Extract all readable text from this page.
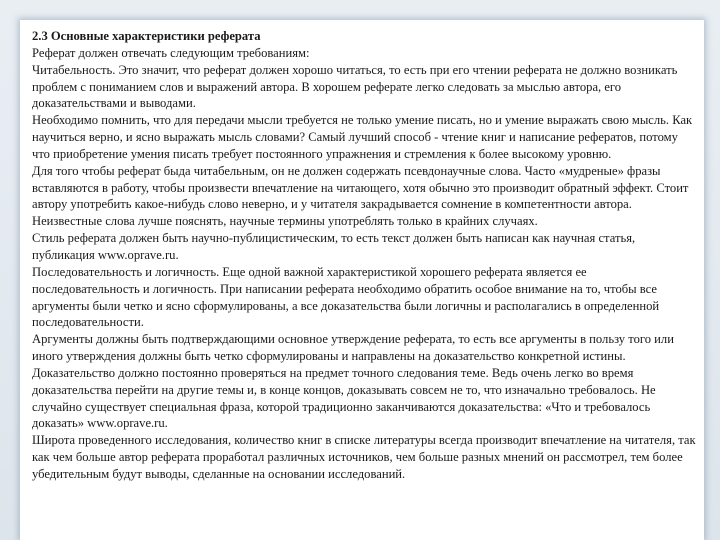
2.3 Основные характеристики реферата

Реферат должен отвечать следующим требованиям:

Читабельность. Это значит, что реферат должен хорошо читаться, то есть при его чтении реферата не должно возникать проблем с пониманием слов и выражений автора. В хорошем реферате легко следовать за мыслью автора, его доказательствами и выводами.

Необходимо помнить, что для передачи мысли требуется не только умение писать, но и умение выражать свою мысль. Как научиться верно, и ясно выражать мысль словами? Самый лучший способ - чтение книг и написание рефератов, потому что приобретение умения писать требует постоянного упражнения и стремления к более высокому уровню.

Для того чтобы реферат быда читабельным, он не должен содержать псевдонаучные слова. Часто «мудреные» фразы вставляются в работу, чтобы произвести впечатление на читающего, хотя обычно это производит обратный эффект. Стоит автору употребить какое-нибудь слово неверно, и у читателя закрадывается сомнение в компетентности автора. Неизвестные слова лучше пояснять, научные термины употреблять только в крайних случаях.

Стиль реферата должен быть научно-публицистическим, то есть текст должен быть написан как научная статья, публикация www.oprave.ru.

Последовательность и логичность. Еще одной важной характеристикой хорошего реферата является ее последовательность и логичность. При написании реферата необходимо обратить особое внимание на то, чтобы все аргументы были четко и ясно сформулированы, а все доказательства были логичны и располагались в определенной последовательности.

Аргументы должны быть подтверждающими основное утверждение реферата, то есть все аргументы в пользу того или иного утверждения должны быть четко сформулированы и направлены на доказательство конкретной истины.

Доказательство должно постоянно проверяться на предмет точного следования теме. Ведь очень легко во время доказательства перейти на другие темы и, в конце концов, доказывать совсем не то, что изначально требовалось. Не случайно существует специальная фраза, которой традиционно заканчиваются доказательства: «Что и требовалось доказать» www.oprave.ru.

Широта проведенного исследования, количество книг в списке литературы всегда производит впечатление на читателя, так как чем больше автор реферата проработал различных источников, чем больше разных мнений он рассмотрел, тем более убедительным будут выводы, сделанные на основании исследований.
